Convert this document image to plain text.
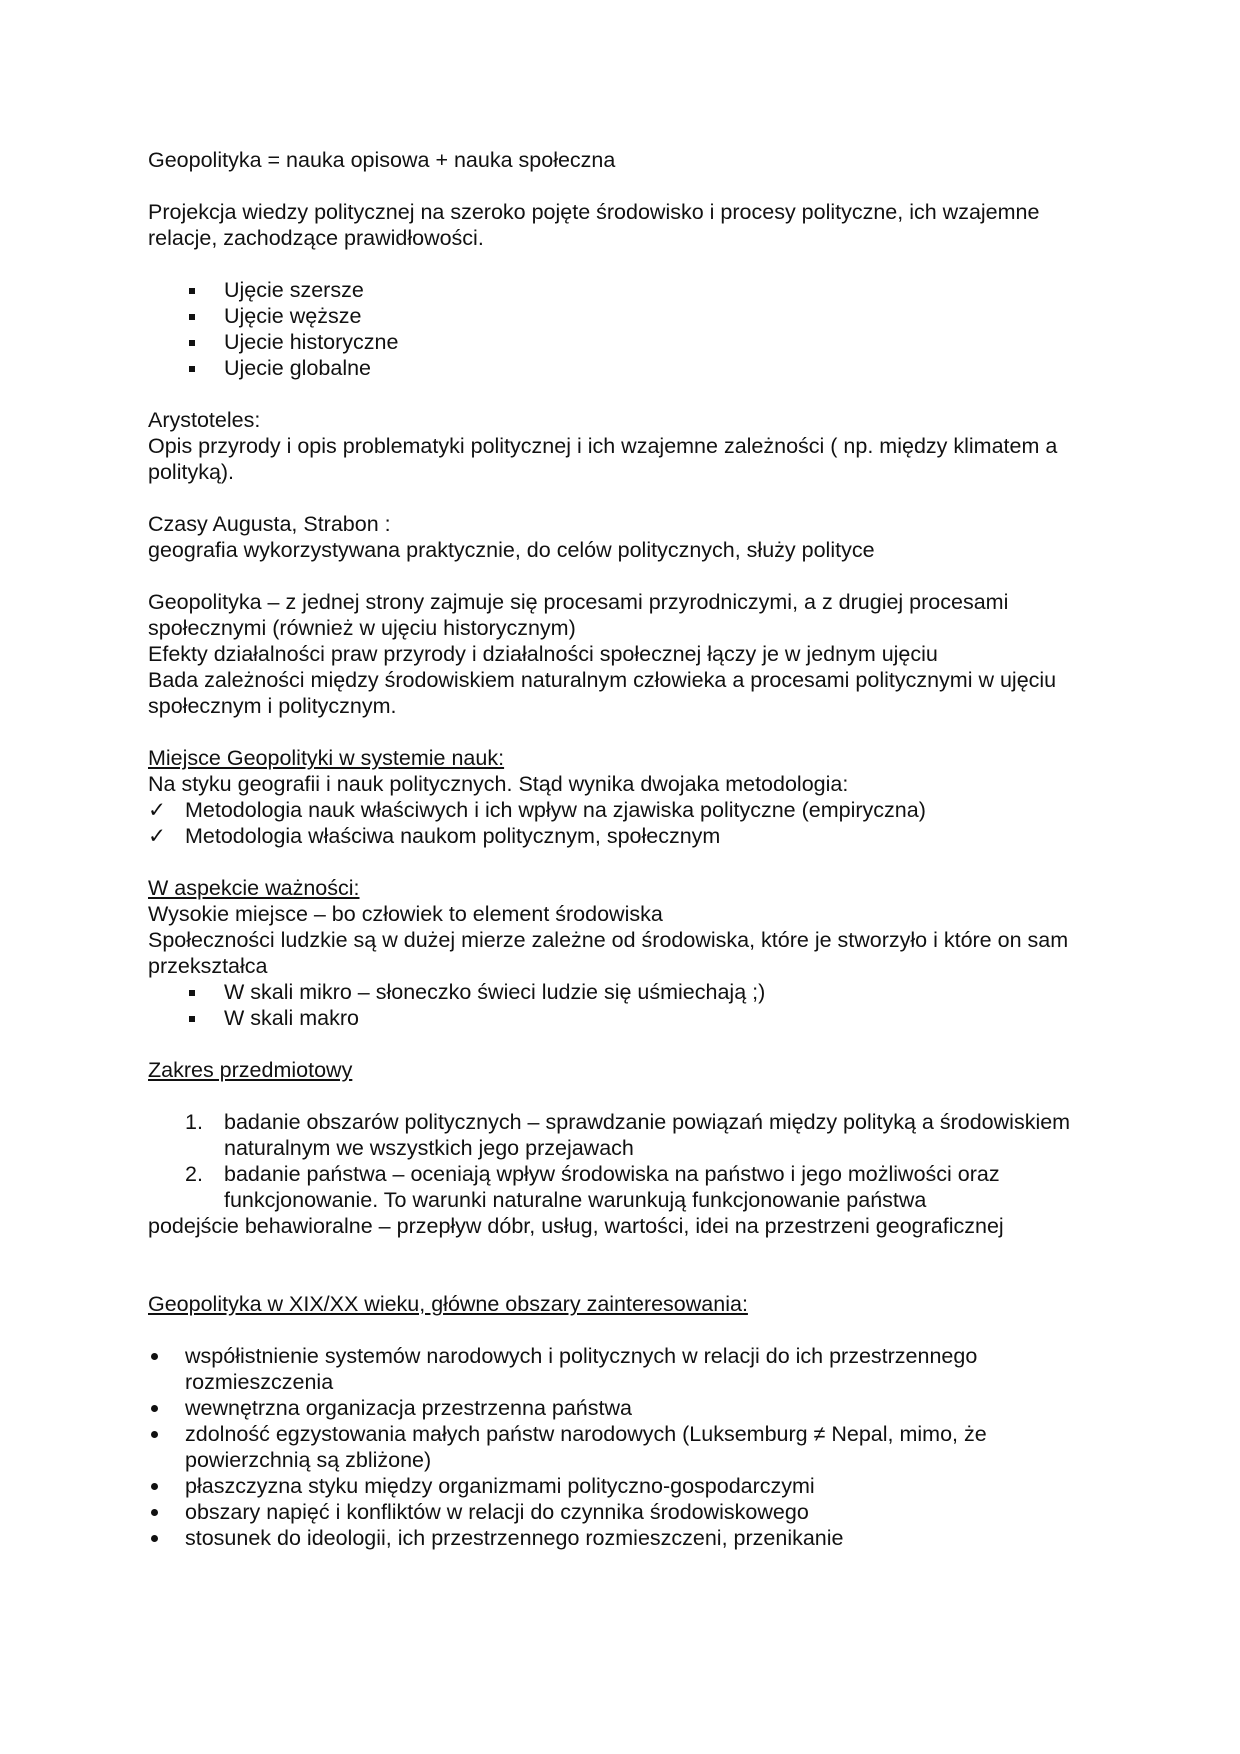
Geopolityka = nauka opisowa + nauka społeczna

Projekcja wiedzy politycznej na szeroko pojęte środowisko i procesy polityczne, ich wzajemne relacje, zachodzące prawidłowości.

Ujęcie szersze
Ujęcie węższe
Ujecie historyczne
Ujecie globalne

Arystoteles:

Opis przyrody i opis problematyki politycznej i ich wzajemne zależności ( np. między klimatem a polityką).

Czasy Augusta, Strabon :

geografia wykorzystywana praktycznie, do celów politycznych, służy polityce

Geopolityka – z jednej strony zajmuje się procesami przyrodniczymi, a z drugiej procesami społecznymi (również w ujęciu historycznym)

Efekty działalności praw przyrody i działalności społecznej łączy je w jednym ujęciu

Bada zależności między środowiskiem naturalnym człowieka a procesami politycznymi w ujęciu społecznym i politycznym.

Miejsce Geopolityki w systemie nauk:

Na styku geografii i nauk politycznych. Stąd wynika dwojaka metodologia:

✓ Metodologia nauk właściwych i ich wpływ na zjawiska polityczne (empiryczna)
✓ Metodologia właściwa naukom politycznym, społecznym

W aspekcie ważności:

Wysokie miejsce – bo człowiek to element środowiska

Społeczności ludzkie są w dużej mierze zależne od środowiska, które je stworzyło i które on sam przekształca

W skali mikro – słoneczko świeci ludzie się uśmiechają ;)
W skali makro

Zakres przedmiotowy

1. badanie obszarów politycznych – sprawdzanie powiązań między polityką a środowiskiem naturalnym we wszystkich jego przejawach
2. badanie państwa – oceniają wpływ środowiska na państwo i jego możliwości oraz funkcjonowanie. To warunki naturalne warunkują funkcjonowanie państwa

podejście behawioralne – przepływ dóbr, usług, wartości, idei na przestrzeni geograficznej

Geopolityka w XIX/XX wieku, główne obszary zainteresowania:

współistnienie systemów narodowych i politycznych w relacji do ich przestrzennego rozmieszczenia
wewnętrzna organizacja przestrzenna państwa
zdolność egzystowania małych państw narodowych (Luksemburg ≠ Nepal, mimo, że powierzchnią są zbliżone)
płaszczyzna styku między organizmami polityczno-gospodarczymi
obszary napięć i konfliktów w relacji do czynnika środowiskowego
stosunek do ideologii, ich przestrzennego rozmieszczeni, przenikanie
